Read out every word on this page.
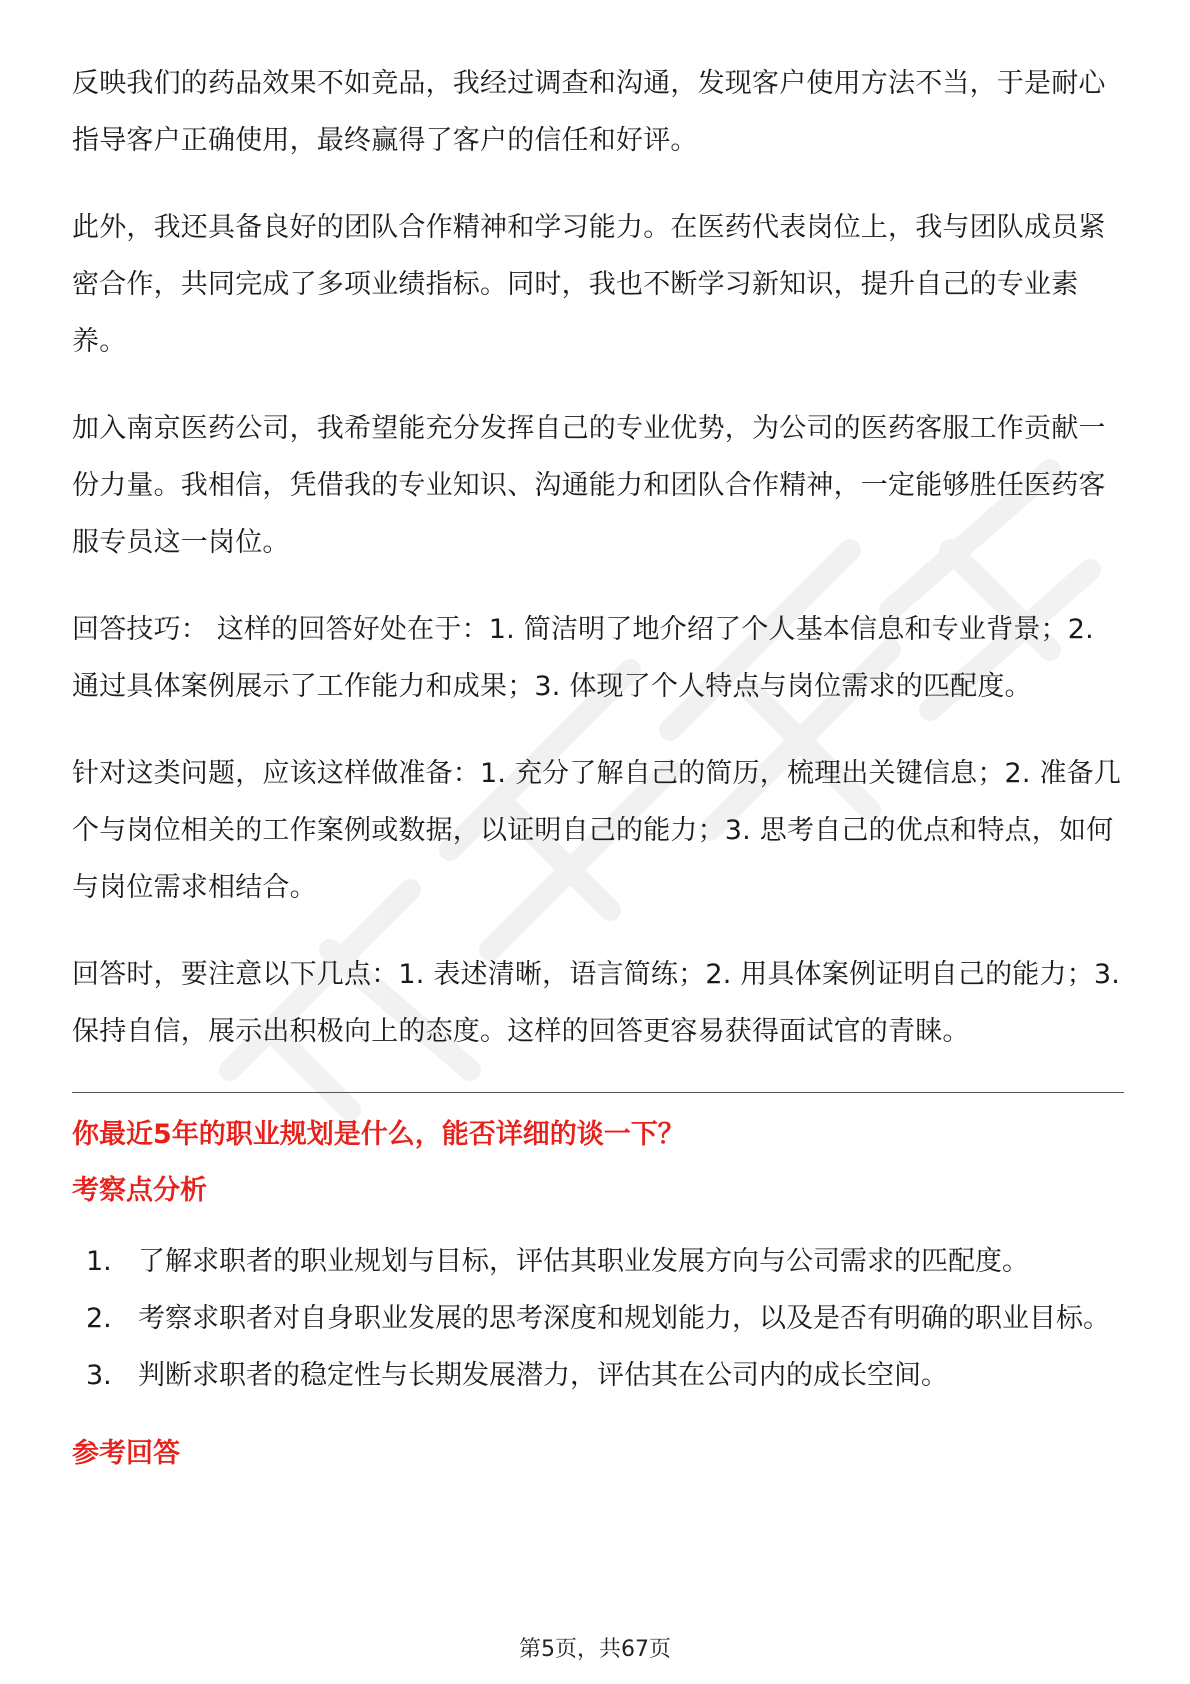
反映我们的药品效果不如竞品，我经过调查和沟通，发现客户使用方法不当，于是耐心指导客户正确使用，最终赢得了客户的信任和好评。

此外，我还具备良好的团队合作精神和学习能力。在医药代表岗位上，我与团队成员紧密合作，共同完成了多项业绩指标。同时，我也不断学习新知识，提升自己的专业素养。

加入南京医药公司，我希望能充分发挥自己的专业优势，为公司的医药客服工作贡献一份力量。我相信，凭借我的专业知识、沟通能力和团队合作精神，一定能够胜任医药客服专员这一岗位。

回答技巧： 这样的回答好处在于：1. 简洁明了地介绍了个人基本信息和专业背景；2. 通过具体案例展示了工作能力和成果；3. 体现了个人特点与岗位需求的匹配度。

针对这类问题，应该这样做准备：1. 充分了解自己的简历，梳理出关键信息；2. 准备几个与岗位相关的工作案例或数据，以证明自己的能力；3. 思考自己的优点和特点，如何与岗位需求相结合。

回答时，要注意以下几点：1. 表述清晰，语言简练；2. 用具体案例证明自己的能力；3. 保持自信，展示出积极向上的态度。这样的回答更容易获得面试官的青睐。

你最近5年的职业规划是什么，能否详细的谈一下？

考察点分析

1. 了解求职者的职业规划与目标，评估其职业发展方向与公司需求的匹配度。
2. 考察求职者对自身职业发展的思考深度和规划能力，以及是否有明确的职业目标。
3. 判断求职者的稳定性与长期发展潜力，评估其在公司内的成长空间。

参考回答

第5页，共67页
